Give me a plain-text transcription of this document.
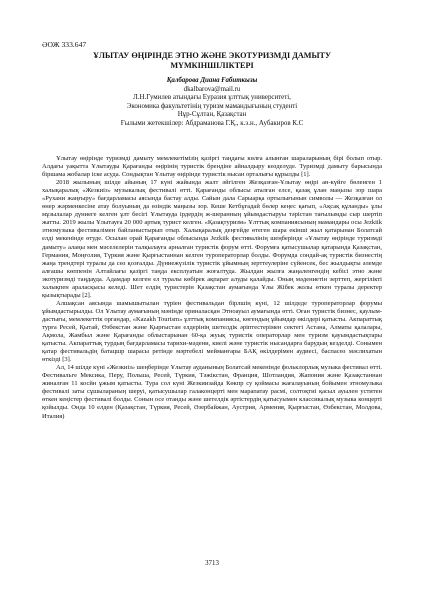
ӘОЖ 333.647
ҰЛЫТАУ ӨҢІРІНДЕ ЭТНО ЖӘНЕ ЭКОТУРИЗМДІ ДАМЫТУ
МҮМКІНШІЛІКТЕРІ
Қалбарова Диана Ғабиткызы
dkalbarova@mail.ru
Л.Н.Гумилев атындағы Еуразия ұлттық университеті,
Экономика факультетінің туризм мамандығының студенті
Нұр-Сұлтан, Қазақстан
Ғылыми жетекшілер: Абдраманова Г.Қ., к.э.н., Аубакиров К.С

Ұлытау өңірінде туризмді дамыту мемлекетімізің қазіргі таңдағы көлға алынған шараларының бірі болып отыр. Алдағы уақытта Ұлытауды Қарағанды өңірінің туристік брендіне айналдыру көзделуде. Туризмді дамыту барысында біршама жобалар іске асуда. Сондықтан Ұлытау өңірінде туристік нысан орталығы құрылды [1].

2018 жылының шілде айының 17 күні жайында жалт әйгілген Жезқазған-Ұлытау өңірі ан-күйге бөленген 1 халықаралық «Жезкиіз» музыкалық фестивалі өтті. Қарағанды облысы аталған елсе, қазақ ұлан маңызы зор шара «Рухани жаңғыру» бағдарламасы аясында бастау алды. Сайын дала Сарыарқа ортылығынын символы — Жезқазған ол өнер жәрменкесіне атау болуының да өзіндік маңызы зор. Кеше Кетбұғадай бөлер кеңес қағып, «Ақсақ құланды» ұлы мұзылалар дүниеге келген ұлт бесігі Ұлытауда ірдердің ж-шеранның ұйымдастыруы тәрістан тағылымды сыр шертіп жатты. 2019 жылы Ұлытауға 20 000 артық турист келген. «Қазақтуризм» Ұлттық компаниясының мамандары осы Jezkiik этномузыка фестивалімен байланыстырып отыр. Халықаралық деңгейде өтеген шара екінші жыл қатарынан Болатсай елді мекенінде өтуде. Осылан орай Қарағанды облысында Jezkiik фестивалінің шеңберінде «Ұлытау өңірінде туризмді дамыту» алаңы мен мәселелерін талқылауға арналған туристік форум өтті. Форумға қатысушылар қатарында Қазақстан, Германия, Моңғолия, Түркия және Қырғыстаннан келген туроператорлар болды. Форумда сондай-ақ туристік бизнестің жаңа трендтері туралы да сөз қозғалды. Дүниежүзілік туристік ұйымның зерттеулеріне сүйенсек, бес жылдықты әлемде алғашы көппенін Алтайлағы қазіргі таңда експлуатын жоғалтуда. Жылдан жылға жаңаленгендің кебісі этно және экотуризмді таңдауда. Адамдар келген ел туралы көбірек ақпарат алуды қалайды. Оның мәдениетін зерттеп, жергілікті халықпен араласқысы келеді. Шет елдің туристерін Қазақстан аумағында Ұлы Жібек жолы өткен туралы деректер қызықтырады [2].

Алшақсан аясында шамышытылан түріен фестивальдан бірлшің күні, 12 шілдеде туроператорлар форумы ұйымдастырылды. Ол Ұлытау аумағының мәнінде ориналасқан Этноауыл аумағында өтті. Оған туристік бизнес, қаулым-дастығы, мемлекеттік органдар, «Kazakh Tourism» ұлттық компаниясы, көгендың ұйымдар өкілдері қатысты. Акпараттық турға Ресей, Қытай, Өзбекстан және Қырғыстан елдерінің шетелдік әріптестерімен сектегі Астана, Алматы қалалары, Ақмола, Жамбыл және Қарағанды облыстарынан 60-қа жуық туристік операторлар мен туризм қауымдастықтары қатысты. Акпараттық турдың бағдарламасы тарихи-мәдени, киелі және туристік нысандарға барудың кезделді. Сонымен қатар фестивальдің батацшр шарасы ретінде мәртебелі мейманғары БАҚ өкілдерімен аудиесі, баспасөз мәслихатын өткізді [3].

Ал, 14 шілде күні «Жезкиіз» шеңберінде Ұлытау ауданының Болатсай мекенінде фольклорлық музыка фестивал өтті. Фестивальге Мексика, Перу, Польша, Ресей, Түркия, Тәжікстан, Франция, Шотландия, Жапония және Қазақстаннан жиналған 11 косйн ұжым қатысты. Тура сол күні Жезкиизайда Көкпр су қоймасы жағалауының бойымен этномузыка фестивалі заты сұшылараның шеруі, қатысушылар галаконцерті мен марапатау расмі, солтоқтиі қасыл ауылен уститен өткен кеңістер фестивалі болды. Сонын осе отанды және шетелдік әртістердің қатысуымен классикалық музыка концерті қойылды. Онда 10 елден (Қазақстан, Түркия, Ресей, Әзербайжан, Аустрия, Армения, Қырғыстан, Өзбекстан, Молдова, Италия)

3713
